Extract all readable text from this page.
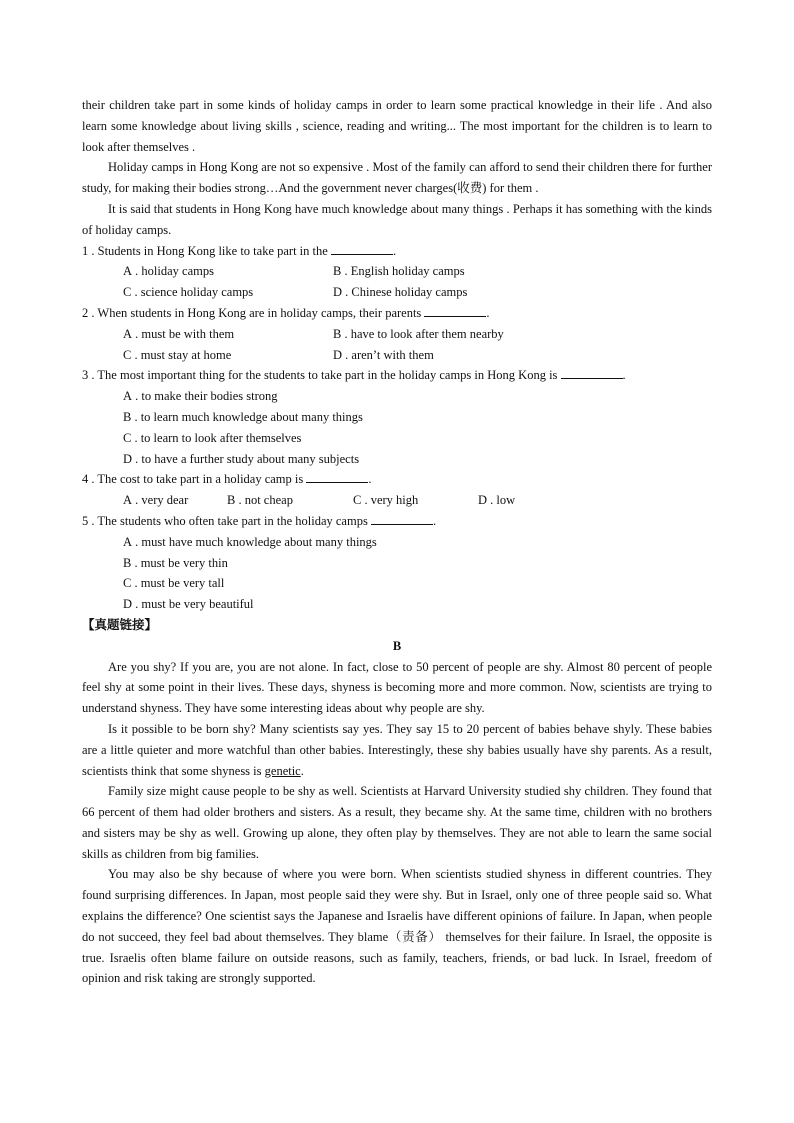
their children take part in some kinds of holiday camps in order to learn some practical knowledge in their life . And also learn some knowledge about living skills , science, reading and writing... The most important for the children is to learn to look after themselves .

Holiday camps in Hong Kong are not so expensive . Most of the family can afford to send their children there for further study, for making their bodies strong…And the government never charges(收费) for them .

It is said that students in Hong Kong have much knowledge about many things . Perhaps it has something with the kinds of holiday camps.

1 . Students in Hong Kong like to take part in the	.
A . holiday camps	B . English holiday camps
C . science holiday camps	D . Chinese holiday camps
2 . When students in Hong Kong are in holiday camps, their parents	.
A . must be with them	B . have to look after them nearby
C . must stay at home	D . aren’t with them
3 . The most important thing for the students to take part in the holiday camps in Hong Kong is	.
A . to make their bodies strong
B . to learn much knowledge about many things
C . to learn to look after themselves
D . to have a further study about many subjects
4 . The cost to take part in a holiday camp is	.
A . very dear	B . not cheap	C . very high	D . low
5 . The students who often take part in the holiday camps	.
A . must have much knowledge about many things
B . must be very thin
C . must be very tall
D . must be very beautiful
【真题链接】
B

Are you shy? If you are, you are not alone. In fact, close to 50 percent of people are shy. Almost 80 percent of people feel shy at some point in their lives. These days, shyness is becoming more and more common. Now, scientists are trying to understand shyness. They have some interesting ideas about why people are shy.

Is it possible to be born shy? Many scientists say yes. They say 15 to 20 percent of babies behave shyly. These babies are a little quieter and more watchful than other babies. Interestingly, these shy babies usually have shy parents. As a result, scientists think that some shyness is genetic.

Family size might cause people to be shy as well. Scientists at Harvard University studied shy children. They found that 66 percent of them had older brothers and sisters. As a result, they became shy. At the same time, children with no brothers and sisters may be shy as well. Growing up alone, they often play by themselves. They are not able to learn the same social skills as children from big families.

You may also be shy because of where you were born. When scientists studied shyness in different countries. They found surprising differences. In Japan, most people said they were shy. But in Israel, only one of three people said so. What explains the difference? One scientist says the Japanese and Israelis have different opinions of failure. In Japan, when people do not succeed, they feel bad about themselves. They blame（责备） themselves for their failure. In Israel, the opposite is true. Israelis often blame failure on outside reasons, such as family, teachers, friends, or bad luck. In Israel, freedom of opinion and risk taking are strongly supported.
